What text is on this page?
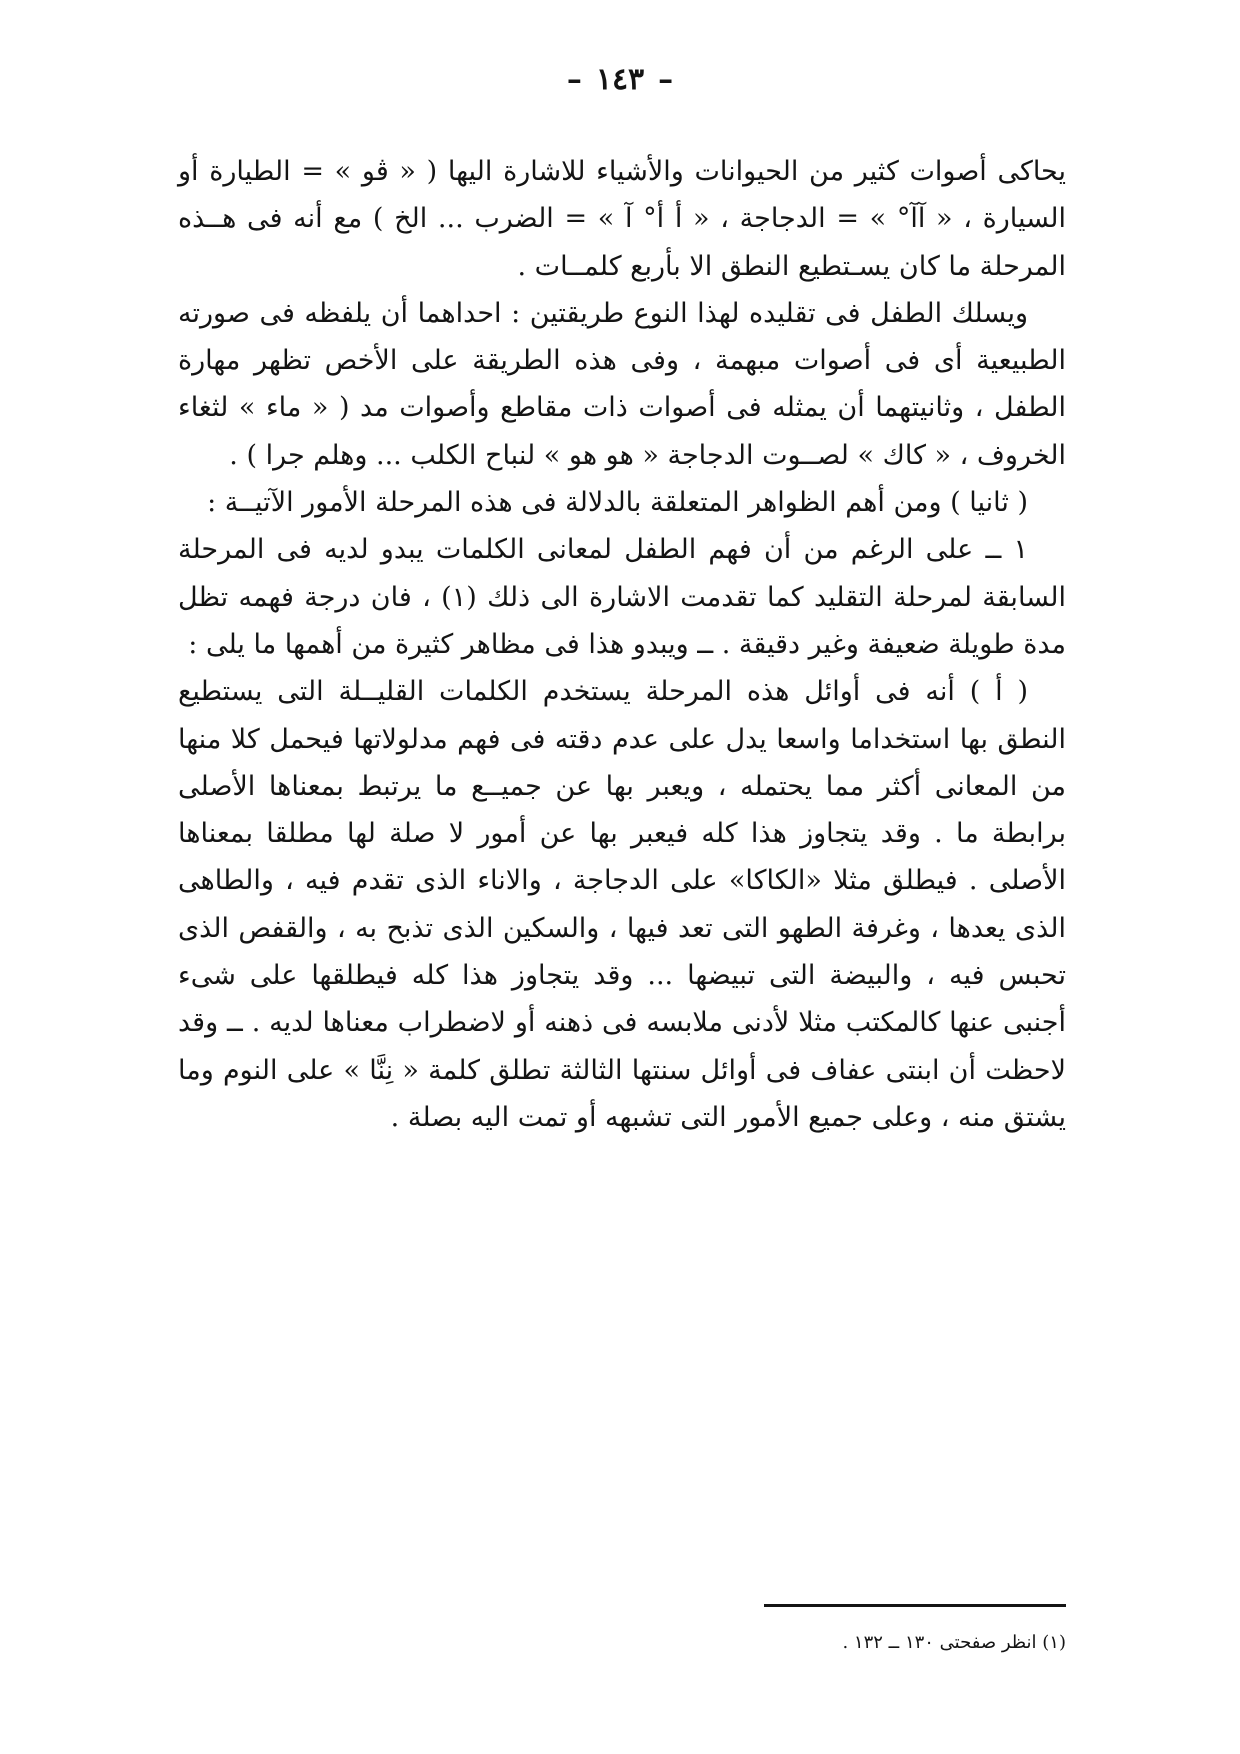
–١٤٣–

يحاكى أصوات كثير من الحيوانات والأشياء للاشارة اليها ( « ڤو » = الطيارة أو السيارة ، « آآ° » = الدجاجة ، « أ أ° آ » = الضرب ... الخ ) مع أنه فى هــذه المرحلة ما كان يسـتطيع النطق الا بأربع كلمــات .

ويسلك الطفل فى تقليده لهذا النوع طريقتين : احداهما أن يلفظه فى صورته الطبيعية أى فى أصوات مبهمة ، وفى هذه الطريقة على الأخص تظهر مهارة الطفل ، وثانيتهما أن يمثله فى أصوات ذات مقاطع وأصوات مد ( « ماء » لثغاء الخروف ، « كاك » لصــوت الدجاجة « هو هو » لنباح الكلب ... وهلم جرا ) .

( ثانيا ) ومن أهم الظواهر المتعلقة بالدلالة فى هذه المرحلة الأمور الآتيــة :

١ ــ على الرغم من أن فهم الطفل لمعانى الكلمات يبدو لديه فى المرحلة السابقة لمرحلة التقليد كما تقدمت الاشارة الى ذلك (١) ، فان درجة فهمه تظل مدة طويلة ضعيفة وغير دقيقة . ــ ويبدو هذا فى مظاهر كثيرة من أهمها ما يلى :

( أ ) أنه فى أوائل هذه المرحلة يستخدم الكلمات القليــلة التى يستطيع النطق بها استخداما واسعا يدل على عدم دقته فى فهم مدلولاتها فيحمل كلا منها من المعانى أكثر مما يحتمله ، ويعبر بها عن جميــع ما يرتبط بمعناها الأصلى برابطة ما . وقد يتجاوز هذا كله فيعبر بها عن أمور لا صلة لها مطلقا بمعناها الأصلى . فيطلق مثلا «الكاكا» على الدجاجة ، والاناء الذى تقدم فيه ، والطاهى الذى يعدها ، وغرفة الطهو التى تعد فيها ، والسكين الذى تذبح به ، والقفص الذى تحبس فيه ، والبيضة التى تبيضها ... وقد يتجاوز هذا كله فيطلقها على شىء أجنبى عنها كالمكتب مثلا لأدنى ملابسه فى ذهنه أو لاضطراب معناها لديه . ــ وقد لاحظت أن ابنتى عفاف فى أوائل سنتها الثالثة تطلق كلمة « نِنَّا » على النوم وما يشتق منه ، وعلى جميع الأمور التى تشبهه أو تمت اليه بصلة .

(١) انظر صفحتى ١٣٠ ــ ١٣٢ .
